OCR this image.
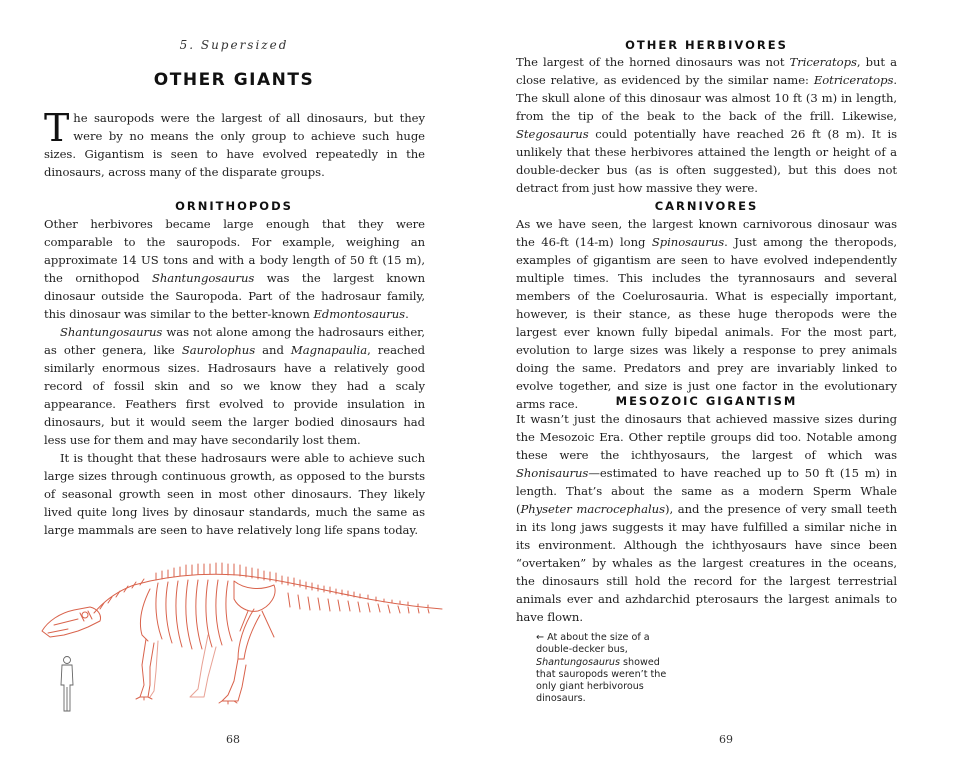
5. Supersized
OTHER GIANTS

The sauropods were the largest of all dinosaurs, but they were by no means the only group to achieve such huge sizes. Gigantism is seen to have evolved repeatedly in the dinosaurs, across many of the disparate groups.

ORNITHOPODS

Other herbivores became large enough that they were comparable to the sauropods. For example, weighing an approximate 14 US tons and with a body length of 50 ft (15 m), the ornithopod Shantungosaurus was the largest known dinosaur outside the Sauropoda. Part of the hadrosaur family, this dinosaur was similar to the better-known Edmontosaurus.

Shantungosaurus was not alone among the hadrosaurs either, as other genera, like Saurolophus and Magnapaulia, reached similarly enormous sizes. Hadrosaurs have a relatively good record of fossil skin and so we know they had a scaly appearance. Feathers first evolved to provide insulation in dinosaurs, but it would seem the larger bodied dinosaurs had less use for them and may have secondarily lost them.

It is thought that these hadrosaurs were able to achieve such large sizes through continuous growth, as opposed to the bursts of seasonal growth seen in most other dinosaurs. They likely lived quite long lives by dinosaur standards, much the same as large mammals are seen to have relatively long life spans today.

68
OTHER HERBIVORES

The largest of the horned dinosaurs was not Triceratops, but a close relative, as evidenced by the similar name: Eotriceratops. The skull alone of this dinosaur was almost 10 ft (3 m) in length, from the tip of the beak to the back of the frill. Likewise, Stegosaurus could potentially have reached 26 ft (8 m). It is unlikely that these herbivores attained the length or height of a double-decker bus (as is often suggested), but this does not detract from just how massive they were.

CARNIVORES

As we have seen, the largest known carnivorous dinosaur was the 46-ft (14-m) long Spinosaurus. Just among the theropods, examples of gigantism are seen to have evolved independently multiple times. This includes the tyrannosaurs and several members of the Coelurosauria. What is especially important, however, is their stance, as these huge theropods were the largest ever known fully bipedal animals. For the most part, evolution to large sizes was likely a response to prey animals doing the same. Predators and prey are invariably linked to evolve together, and size is just one factor in the evolutionary arms race.	MESOZOIC GIGANTISM

It wasn’t just the dinosaurs that achieved massive sizes during the Mesozoic Era. Other reptile groups did too. Notable among these were the ichthyosaurs, the largest of which was Shonisaurus—estimated to have reached up to 50 ft (15 m) in length. That’s about the same as a modern Sperm Whale (Physeter macrocephalus), and the presence of very small teeth in its long jaws suggests it may have fulfilled a similar niche in its environment. Although the ichthyosaurs have since been “overtaken” by whales as the largest creatures in the oceans, the dinosaurs still hold the record for the largest terrestrial animals ever and azhdarchid pterosaurs the largest animals to have flown.

← At about the size of a double-decker bus, Shantungosaurus showed that sauropods weren’t the only giant herbivorous dinosaurs.

69
